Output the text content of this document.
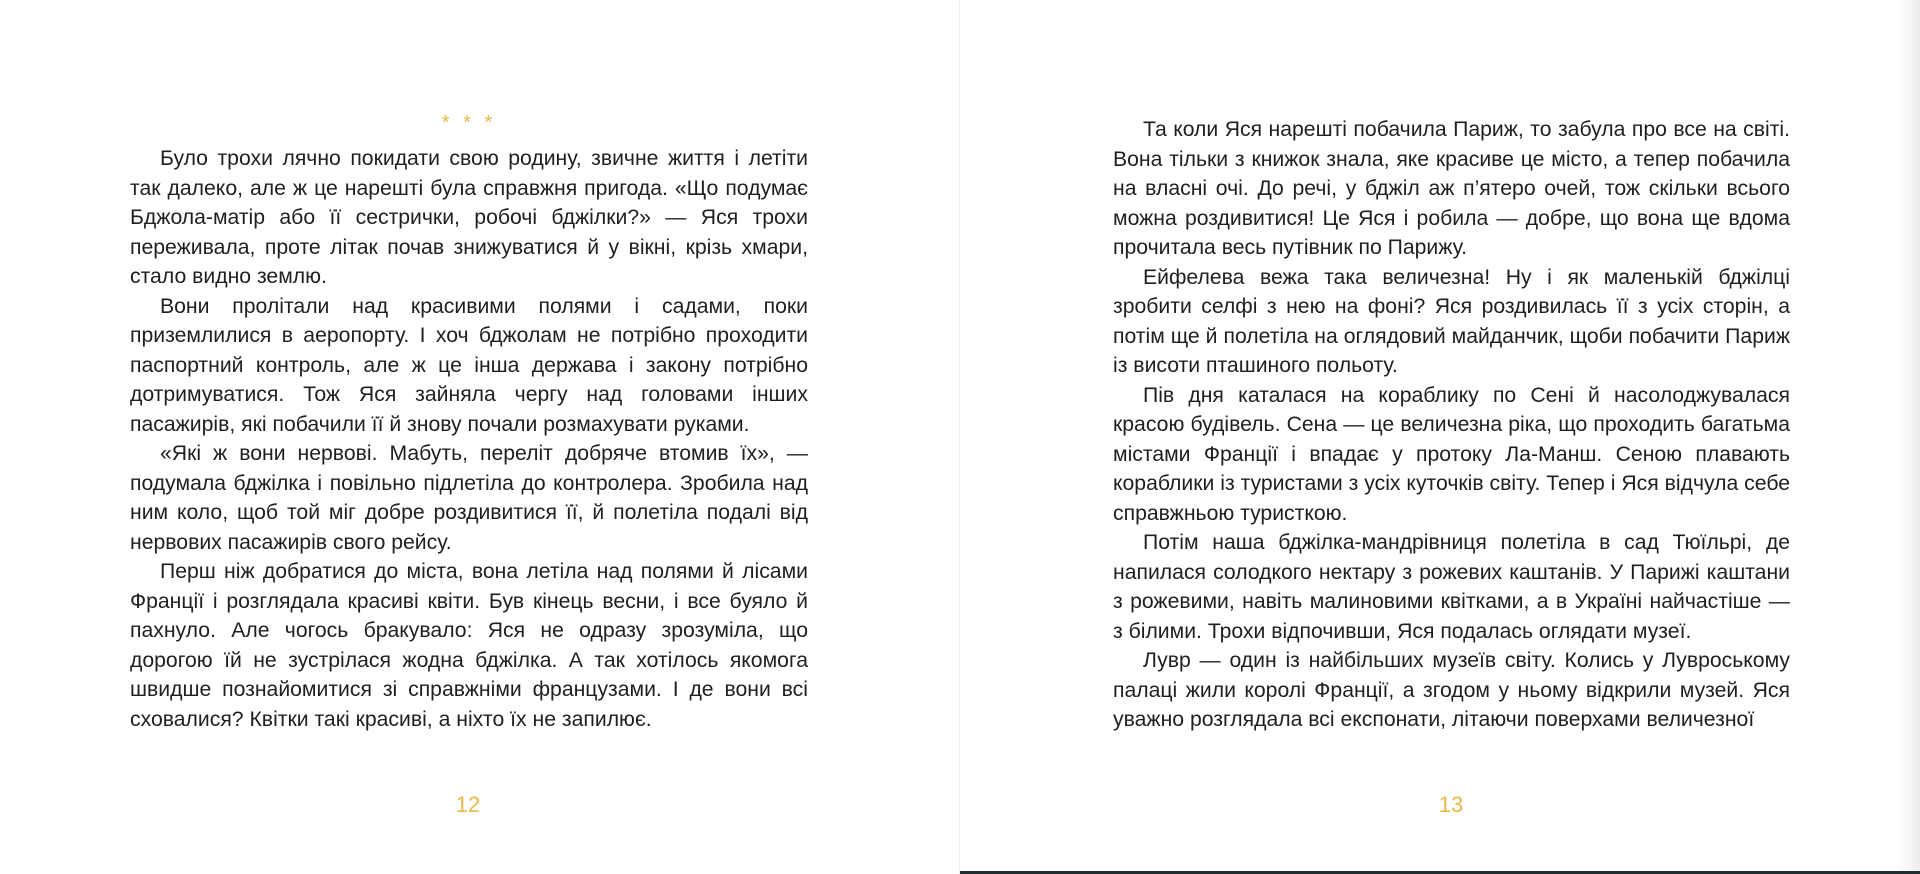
* * *

Було трохи лячно покидати свою родину, звичне життя і летіти так далеко, але ж це нарешті була справжня пригода. «Що подумає Бджола-матір або її сестрички, робочі бджілки?» — Яся трохи переживала, проте літак почав знижуватися й у вікні, крізь хмари, стало видно землю.

Вони пролітали над красивими полями і садами, поки приземлилися в аеропорту. І хоч бджолам не потрібно проходити паспортний контроль, але ж це інша держава і закону потрібно дотримуватися. Тож Яся зайняла чергу над головами інших пасажирів, які побачили її й знову почали розмахувати руками.

«Які ж вони нервові. Мабуть, переліт добряче втомив їх», — подумала бджілка і повільно підлетіла до контролера. Зробила над ним коло, щоб той міг добре роздивитися її, й полетіла подалі від нервових пасажирів свого рейсу.

Перш ніж добратися до міста, вона летіла над полями й лісами Франції і розглядала красиві квіти. Був кінець весни, і все буяло й пахнуло. Але чогось бракувало: Яся не одразу зрозуміла, що дорогою їй не зустрілася жодна бджілка. А так хотілось якомога швидше познайомитися зі справжніми французами. І де вони всі сховалися? Квітки такі красиві, а ніхто їх не запилює.

12

Та коли Яся нарешті побачила Париж, то забула про все на світі. Вона тільки з книжок знала, яке красиве це місто, а тепер побачила на власні очі. До речі, у бджіл аж п’ятеро очей, тож скільки всього можна роздивитися! Це Яся і робила — добре, що вона ще вдома прочитала весь путівник по Парижу.

Ейфелева вежа така величезна! Ну і як маленькій бджілці зробити селфі з нею на фоні? Яся роздивилась її з усіх сторін, а потім ще й полетіла на оглядовий майданчик, щоби побачити Париж із висоти пташиного польоту.

Пів дня каталася на кораблику по Сені й насолоджувалася красою будівель. Сена — це величезна ріка, що проходить багатьма містами Франції і впадає у протоку Ла-Манш. Сеною плавають кораблики із туристами з усіх куточків світу. Тепер і Яся відчула себе справжньою туристкою.

Потім наша бджілка-мандрівниця полетіла в сад Тюїльрі, де напилася солодкого нектару з рожевих каштанів. У Парижі каштани з рожевими, навіть малиновими квітками, а в Україні найчастіше — з білими. Трохи відпочивши, Яся подалась оглядати музеї.

Лувр — один із найбільших музеїв світу. Колись у Лувроському палаці жили королі Франції, а згодом у ньому відкрили музей. Яся уважно розглядала всі експонати, літаючи поверхами величезної

13
